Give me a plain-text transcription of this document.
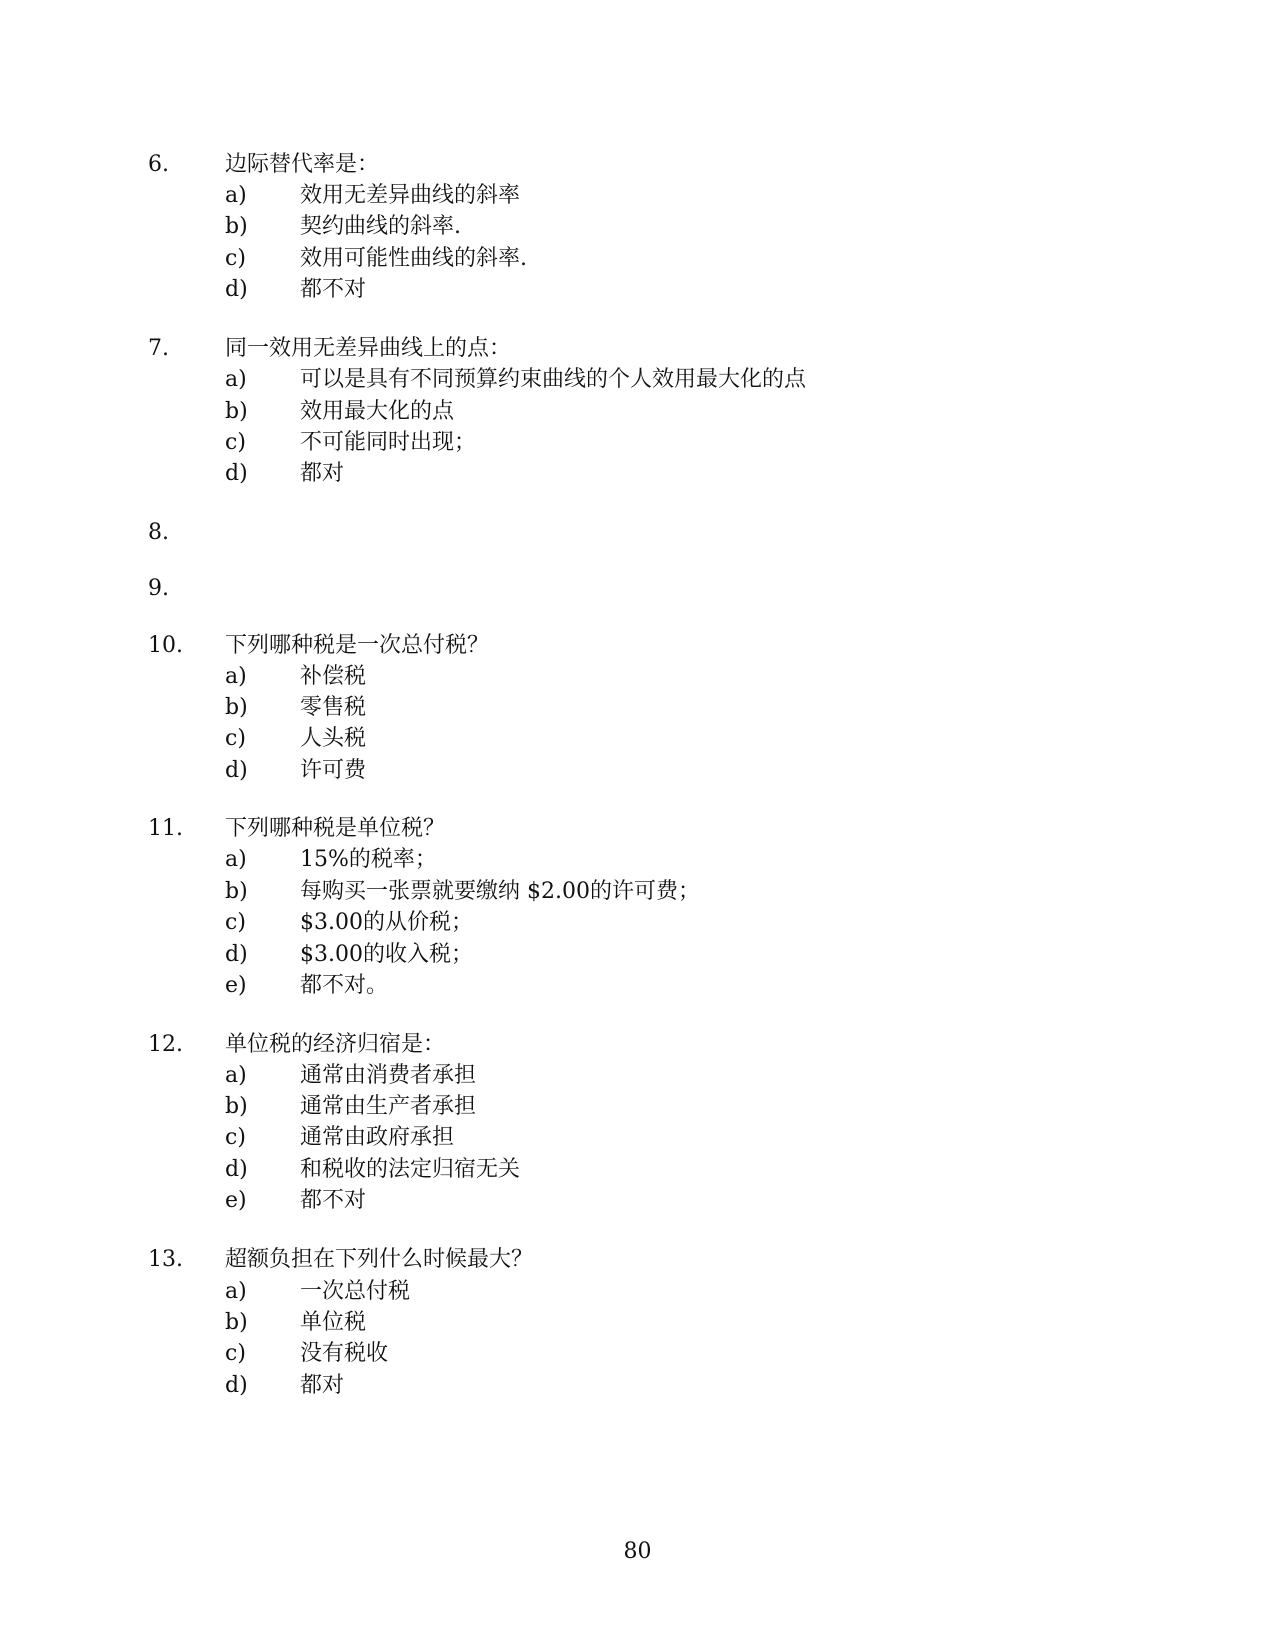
6.	边际替代率是：
a) 效用无差异曲线的斜率
b) 契约曲线的斜率.
c) 效用可能性曲线的斜率.
d) 都不对
7.	同一效用无差异曲线上的点：
a) 可以是具有不同预算约束曲线的个人效用最大化的点
b) 效用最大化的点
c) 不可能同时出现；
d) 都对
8.
9.
10. 下列哪种税是一次总付税？
a) 补偿税
b) 零售税
c) 人头税
d) 许可费
11. 下列哪种税是单位税？
a) 15%的税率；
b) 每购买一张票就要缴纳 $2.00的许可费；
c) $3.00的从价税；
d) $3.00的收入税；
e) 都不对。
12. 单位税的经济归宿是：
a) 通常由消费者承担
b) 通常由生产者承担
c) 通常由政府承担
d) 和税收的法定归宿无关
e) 都不对
13. 超额负担在下列什么时候最大？
a) 一次总付税
b) 单位税
c) 没有税收
d) 都对
80
